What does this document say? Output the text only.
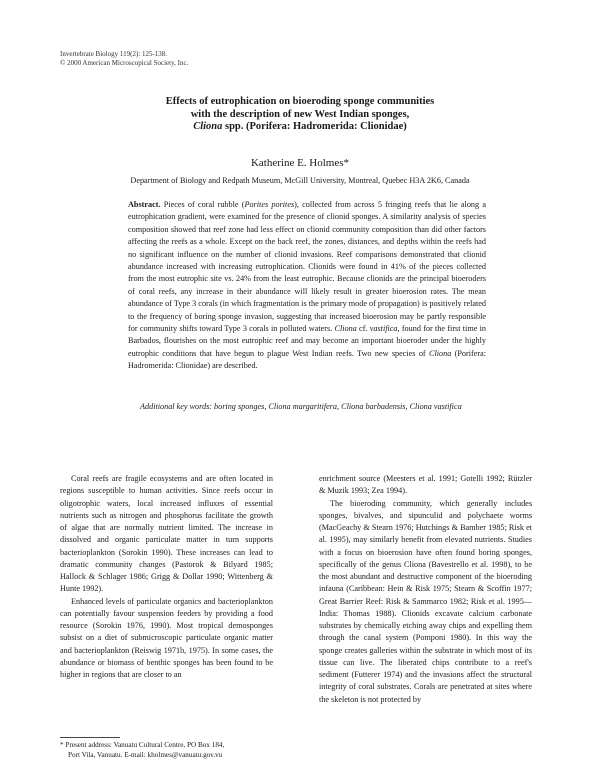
Invertebrate Biology 119(2): 125-138.
© 2000 American Microscopical Society, Inc.
Effects of eutrophication on bioeroding sponge communities
with the description of new West Indian sponges,
Cliona spp. (Porifera: Hadromerida: Clionidae)
Katherine E. Holmes*
Department of Biology and Redpath Museum, McGill University, Montreal, Quebec H3A 2K6, Canada
Abstract. Pieces of coral rubble (Porites porites), collected from across 5 fringing reefs that lie along a eutrophication gradient, were examined for the presence of clionid sponges. A similarity analysis of species composition showed that reef zone had less effect on clionid community composition than did other factors affecting the reefs as a whole. Except on the back reef, the zones, distances, and depths within the reefs had no significant influence on the number of clionid invasions. Reef comparisons demonstrated that clionid abundance increased with increasing eutrophication. Clionids were found in 41% of the pieces collected from the most eutrophic site vs. 24% from the least eutrophic. Because clionids are the principal bioeroders of coral reefs, any increase in their abundance will likely result in greater bioerosion rates. The mean abundance of Type 3 corals (in which fragmentation is the primary mode of propagation) is positively related to the frequency of boring sponge invasion, suggesting that increased bioerosion may be partly responsible for community shifts toward Type 3 corals in polluted waters. Cliona cf. vastifica, found for the first time in Barbados, flourishes on the most eutrophic reef and may become an important bioeroder under the highly eutrophic conditions that have begun to plague West Indian reefs. Two new species of Cliona (Porifera: Hadromerida: Clionidae) are described.
Additional key words: boring sponges, Cliona margaritifera, Cliona barbadensis, Cliona vastifica

Coral reefs are fragile ecosystems and are often located in regions susceptible to human activities. Since reefs occur in oligotrophic waters, local increased influxes of essential nutrients such as nitrogen and phosphorus facilitate the growth of algae that are normally nutrient limited. The increase in dissolved and organic particulate matter in turn supports bacterioplankton (Sorokin 1990). These increases can lead to dramatic community changes (Pastorok & Bilyard 1985; Hallock & Schlager 1986; Grigg & Dollar 1990; Wittenberg & Hunte 1992).

Enhanced levels of particulate organics and bacterioplankton can potentially favour suspension feeders by providing a food resource (Sorokin 1976, 1990). Most tropical demosponges subsist on a diet of submicroscopic particulate organic matter and bacterioplankton (Reiswig 1971b, 1975). In some cases, the abundance or biomass of benthic sponges has been found to be higher in regions that are closer to an

enrichment source (Meesters et al. 1991; Gotelli 1992; Rützler & Muzik 1993; Zea 1994).

The bioeroding community, which generally includes sponges, bivalves, and sipunculid and polychaete worms (MacGeachy & Stearn 1976; Hutchings & Bamber 1985; Risk et al. 1995), may similarly benefit from elevated nutrients. Studies with a focus on bioerosion have often found boring sponges, specifically of the genus Cliona (Bavestrello et al. 1998), to be the most abundant and destructive component of the bioeroding infauna (Caribbean: Hein & Risk 1975; Stearn & Scoffin 1977; Great Barrier Reef: Risk & Sammarco 1982; Risk et al. 1995—India: Thomas 1988). Clionids excavate calcium carbonate substrates by chemically etching away chips and expelling them through the canal system (Pomponi 1980). In this way the sponge creates galleries within the substrate in which most of its tissue can live. The liberated chips contribute to a reef's sediment (Futterer 1974) and the invasions affect the structural integrity of coral substrates. Corals are penetrated at sites where the skeleton is not protected by

* Present address: Vanuatu Cultural Centre, PO Box 184,
Port Vila, Vanuatu. E-mail: kholmes@vanuatu.gov.vu
